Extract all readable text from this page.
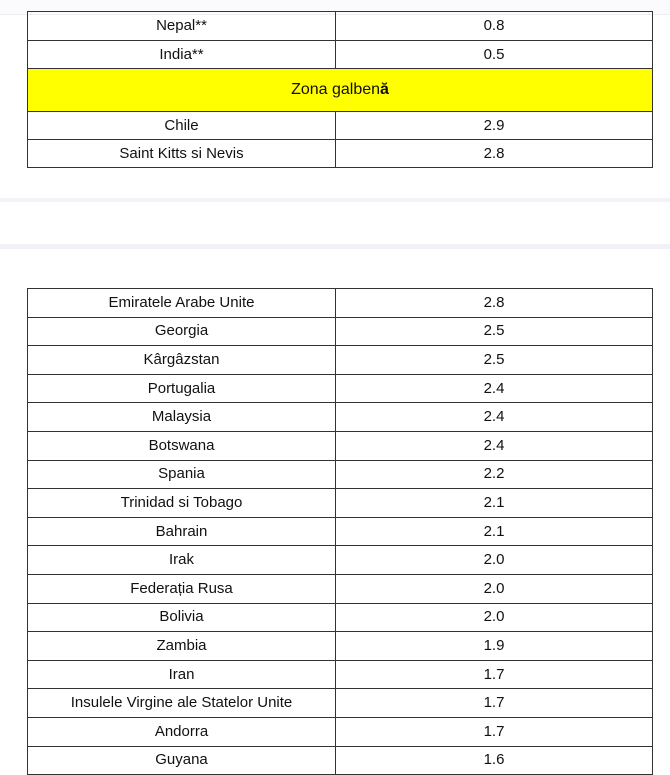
Nepal**	0.8
India**	0.5
Zona galbenă	
Chile	2.9
Saint Kitts si Nevis	2.8
Emiratele Arabe Unite	2.8
Georgia	2.5
Kârgâzstan	2.5
Portugalia	2.4
Malaysia	2.4
Botswana	2.4
Spania	2.2
Trinidad si Tobago	2.1
Bahrain	2.1
Irak	2.0
Federația Rusa	2.0
Bolivia	2.0
Zambia	1.9
Iran	1.7
Insulele Virgine ale Statelor Unite	1.7
Andorra	1.7
Guyana	1.6
